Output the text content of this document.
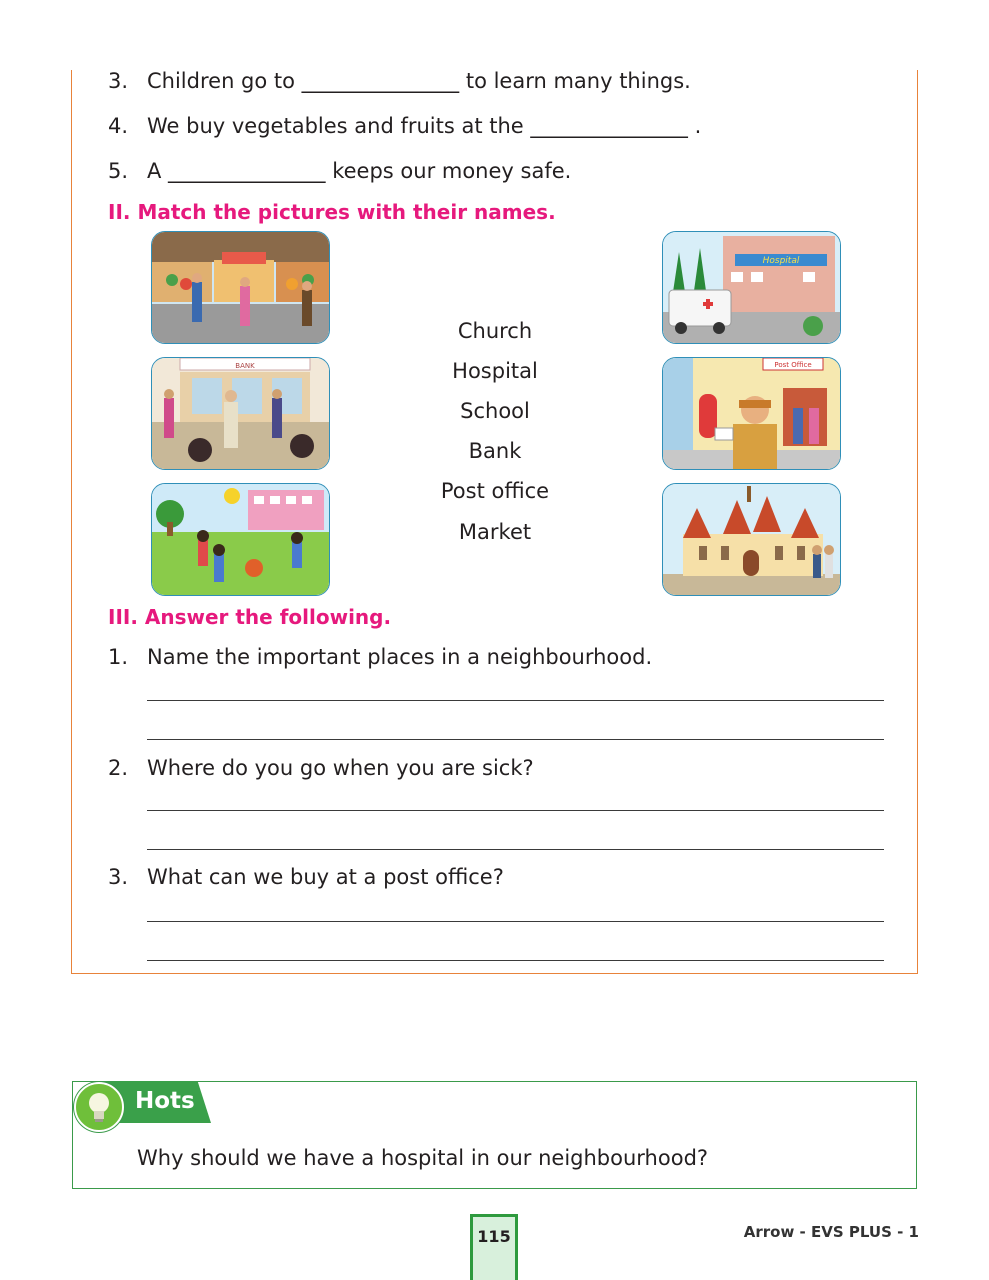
3. Children go to _______________ to learn many things.
4. We buy vegetables and fruits at the _______________ .
5. A _______________ keeps our money safe.
II. Match the pictures with their names.
BANK
Church
Hospital
School
Bank
Post office
Market
Hospital
Post Office
III. Answer the following.
1. Name the important places in a neighbourhood.
2. Where do you go when you are sick?
3. What can we buy at a post office?
Hots
Why should we have a hospital in our neighbourhood?
115	Arrow - EVS PLUS - 1
